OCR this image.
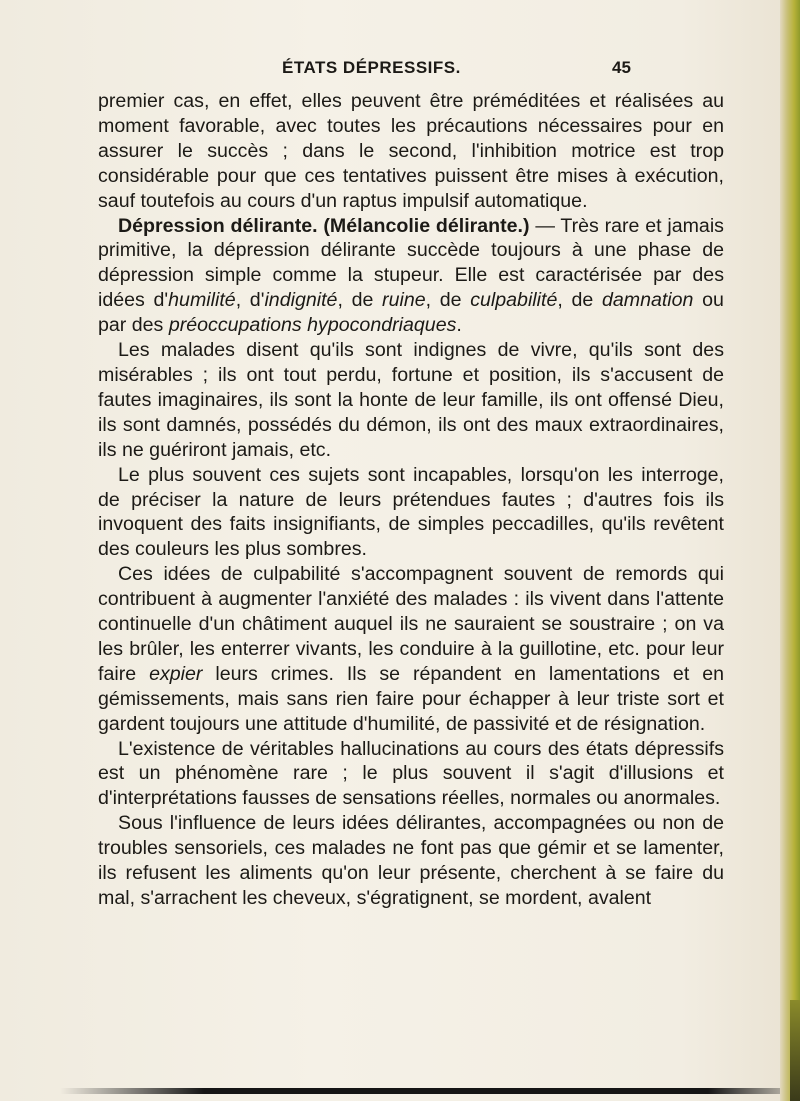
ÉTATS DÉPRESSIFS.	45

premier cas, en effet, elles peuvent être préméditées et réalisées au moment favorable, avec toutes les précautions nécessaires pour en assurer le succès ; dans le second, l'inhibition motrice est trop considérable pour que ces tentatives puissent être mises à exécution, sauf toutefois au cours d'un raptus impulsif automatique.

Dépression délirante. (Mélancolie délirante.) — Très rare et jamais primitive, la dépression délirante succède toujours à une phase de dépression simple comme la stupeur. Elle est caractérisée par des idées d'humilité, d'indignité, de ruine, de culpabilité, de damnation ou par des préoccupations hypocondriaques.

Les malades disent qu'ils sont indignes de vivre, qu'ils sont des misérables ; ils ont tout perdu, fortune et position, ils s'accusent de fautes imaginaires, ils sont la honte de leur famille, ils ont offensé Dieu, ils sont damnés, possédés du démon, ils ont des maux extraordinaires, ils ne guériront jamais, etc.

Le plus souvent ces sujets sont incapables, lorsqu'on les interroge, de préciser la nature de leurs prétendues fautes ; d'autres fois ils invoquent des faits insignifiants, de simples peccadilles, qu'ils revêtent des couleurs les plus sombres.

Ces idées de culpabilité s'accompagnent souvent de remords qui contribuent à augmenter l'anxiété des malades : ils vivent dans l'attente continuelle d'un châtiment auquel ils ne sauraient se soustraire ; on va les brûler, les enterrer vivants, les conduire à la guillotine, etc. pour leur faire expier leurs crimes. Ils se répandent en lamentations et en gémissements, mais sans rien faire pour échapper à leur triste sort et gardent toujours une attitude d'humilité, de passivité et de résignation.

L'existence de véritables hallucinations au cours des états dépressifs est un phénomène rare ; le plus souvent il s'agit d'illusions et d'interprétations fausses de sensations réelles, normales ou anormales.

Sous l'influence de leurs idées délirantes, accompagnées ou non de troubles sensoriels, ces malades ne font pas que gémir et se lamenter, ils refusent les aliments qu'on leur présente, cherchent à se faire du mal, s'arrachent les cheveux, s'égratignent, se mordent, avalent
